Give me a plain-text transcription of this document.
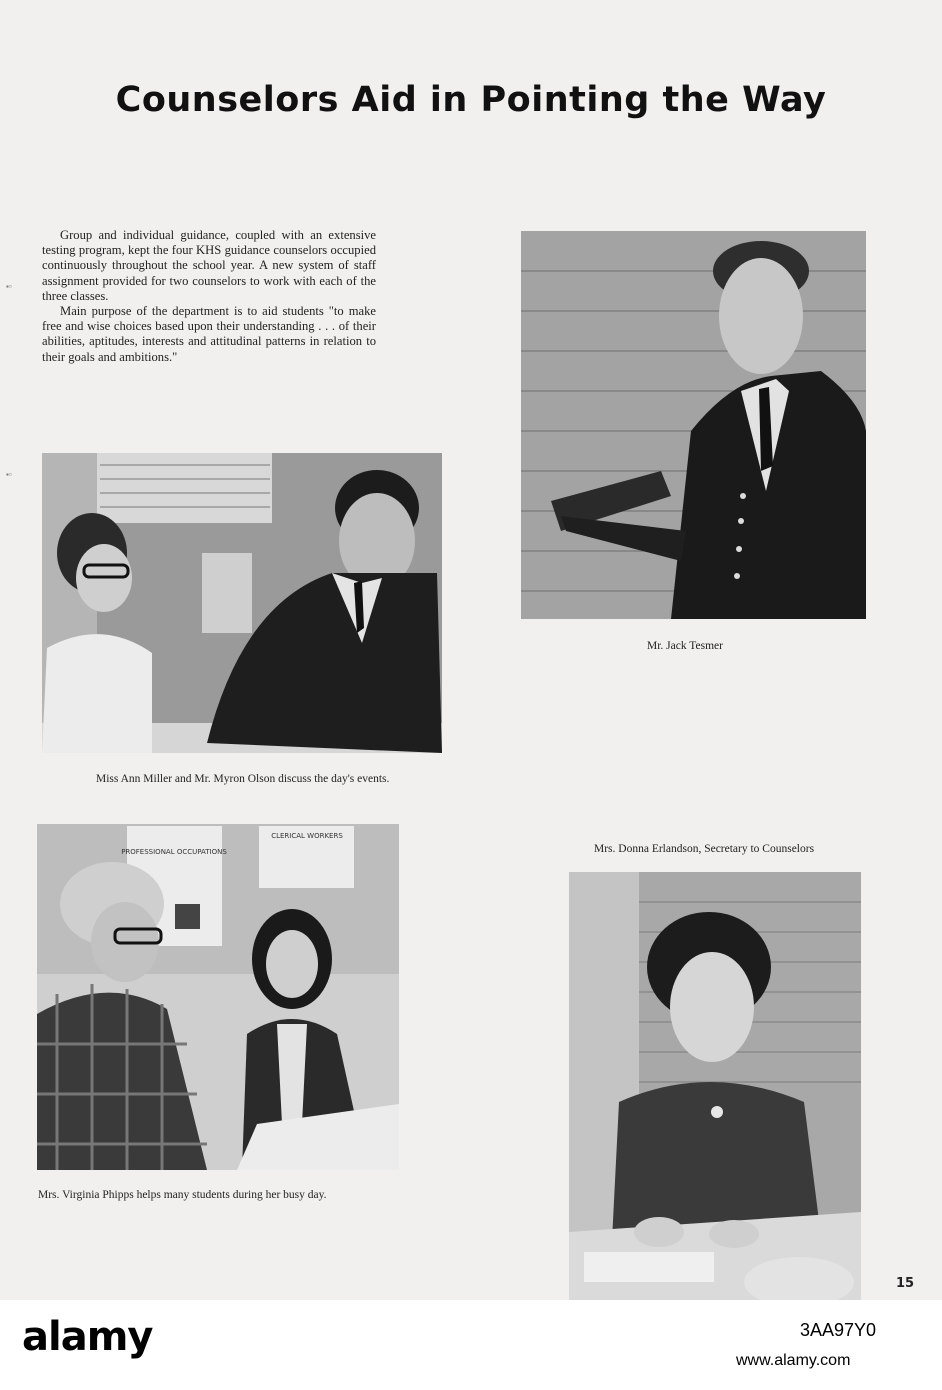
Counselors Aid in Pointing the Way

Group and individual guidance, coupled with an extensive testing program, kept the four KHS guidance counselors occupied continuously throughout the school year. A new system of staff assignment provided for two counselors to work with each of the three classes.

Main purpose of the department is to aid students "to make free and wise choices based upon their understanding . . . of their abilities, aptitudes, interests and attitudinal patterns in relation to their goals and ambitions."

▪▫
▪▫
Miss Ann Miller and Mr. Myron Olson discuss the day's events.
Mr. Jack Tesmer
PROFESSIONAL OCCUPATIONS
CLERICAL WORKERS
Mrs. Virginia Phipps helps many students during her busy day.
Mrs. Donna Erlandson, Secretary to Counselors
15
alamy	3AA97Y0
www.alamy.com
